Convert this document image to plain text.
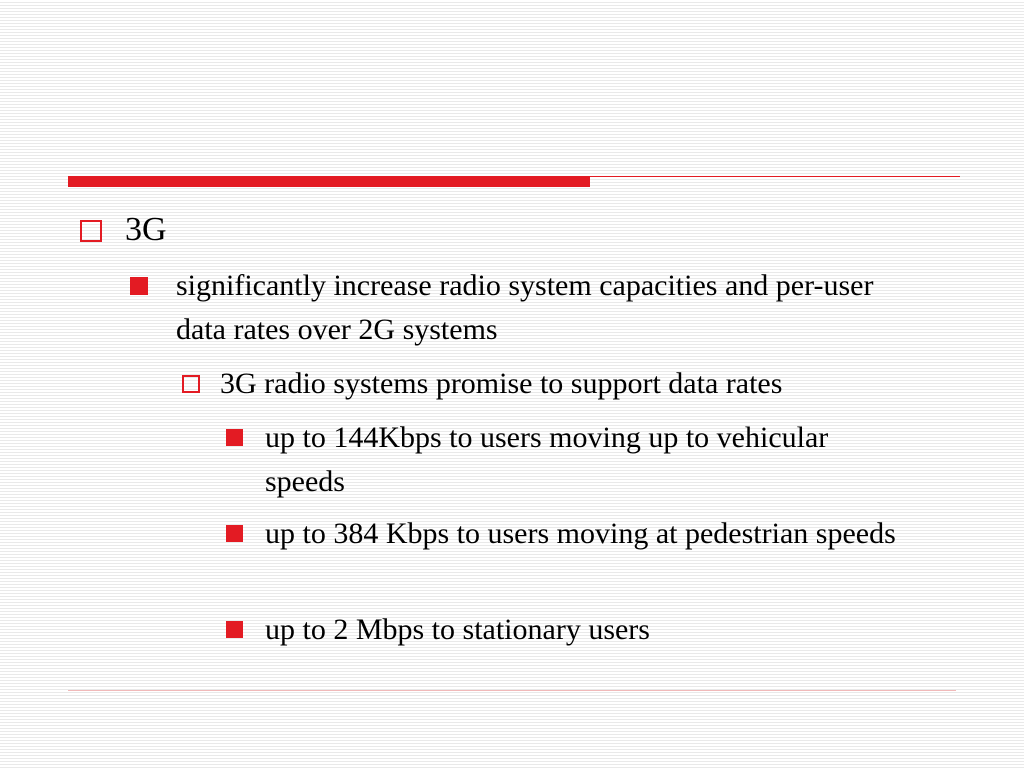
3G
significantly increase radio system capacities and per-user data rates over 2G systems
3G radio systems promise to support data rates
up to 144Kbps to users moving up to vehicular speeds
up to 384 Kbps to users moving at pedestrian speeds
up to 2 Mbps to stationary users
